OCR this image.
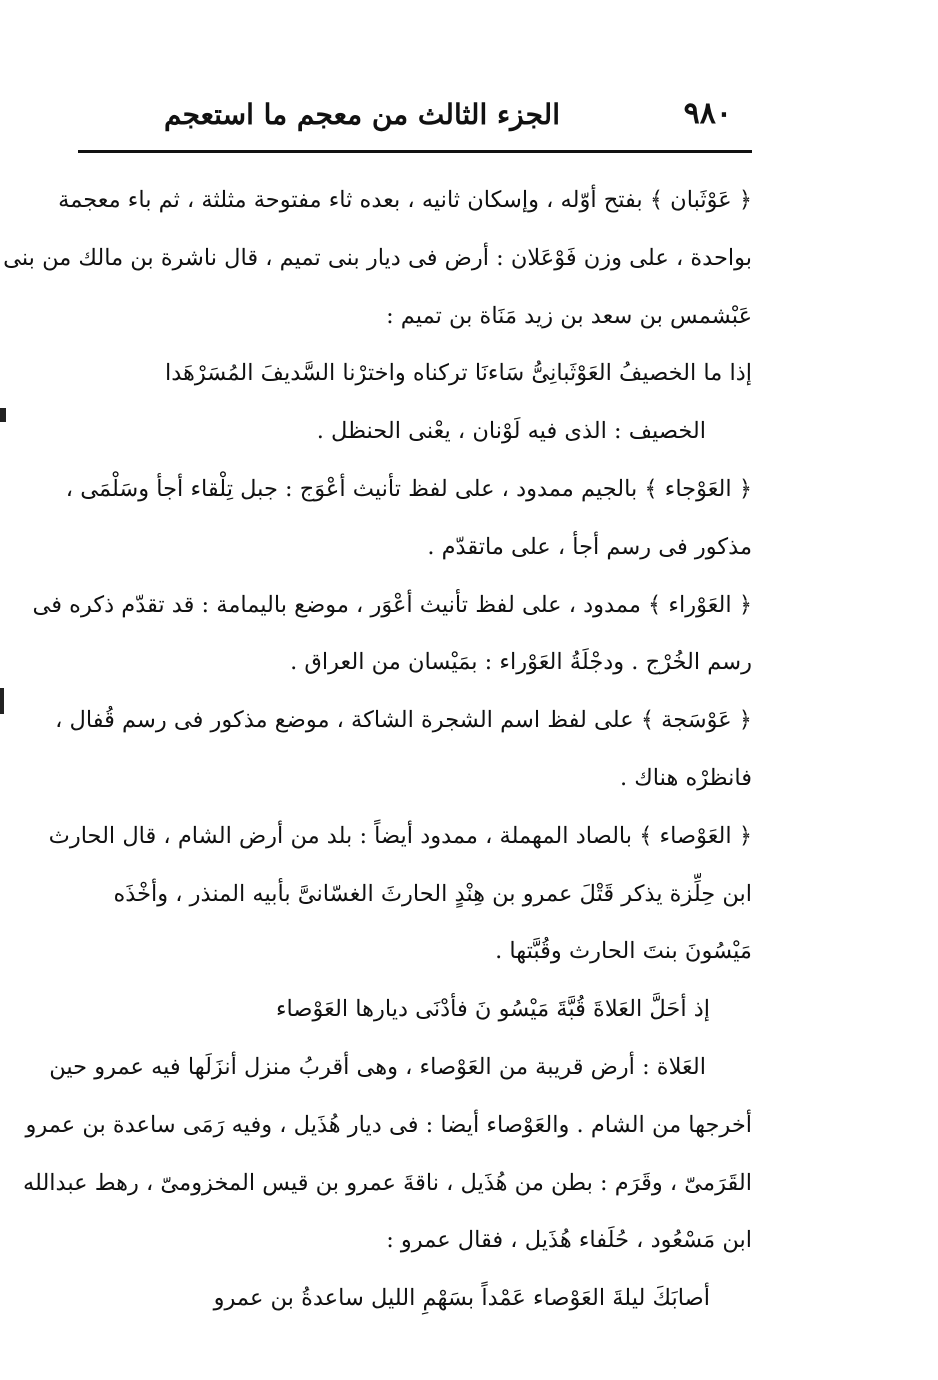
٩٨٠
الجزء الثالث من معجم ما استعجم
﴿ عَوْثَبان ﴾ بفتح أوّله ، وإسكان ثانيه ، بعده ثاء مفتوحة مثلثة ، ثم باء معجمة
بواحدة ، على وزن فَوْعَلان : أرض فى ديار بنى تميم ، قال ناشرة بن مالك من بنى
عَبْشمس بن سعد بن زيد مَنَاة بن تميم :
إذا ما الخصيفُ العَوْثَبانِىُّ سَاءنَا تركناه واخترْنا السَّديفَ المُسَرْهَدا
الخصيف : الذى فيه لَوْنان ، يعْنى الحنظل .
﴿ العَوْجاء ﴾ بالجيم ممدود ، على لفظ تأنيث أعْوَج : جبل تِلْقاء أجأ وسَلْمَى ،
مذكور فى رسم أجأ ، على ماتقدّم .
﴿ العَوْراء ﴾ ممدود ، على لفظ تأنيث أعْوَر ، موضع باليمامة : قد تقدّم ذكره فى
رسم الخُرْج . ودجْلَةُ العَوْراء : بمَيْسان من العراق .
﴿ عَوْسَجة ﴾ على لفظ اسم الشجرة الشاكة ، موضع مذكور فى رسم قُفال ،
فانظرْه هناك .
﴿ العَوْصاء ﴾ بالصاد المهملة ، ممدود أيضاً : بلد من أرض الشام ، قال الحارث
ابن حِلِّزة يذكر قَتْلَ عمرو بن هِنْدٍ الحارثَ الغسّانىَّ بأبيه المنذر ، وأخْذَه
مَيْسُونَ بنتَ الحارث وقُبَّتها .
إذ أحَلَّ العَلاةَ قُبَّةَ مَيْسُو نَ فأدْنَى ديارها العَوْصاء
العَلاة : أرض قريبة من العَوْصاء ، وهى أقربُ منزل أنزَلَها فيه عمرو حين
أخرجها من الشام . والعَوْصاء أيضا : فى ديار هُذَيل ، وفيه رَمَى ساعدة بن عمرو
القَرَمىّ ، وقَرَم : بطن من هُذَيل ، ناقةَ عمرو بن قيس المخزومىّ ، رهط عبدالله
ابن مَسْعُود ، حُلَفاء هُذَيل ، فقال عمرو :
أصابَكَ ليلةَ العَوْصاء عَمْداً بسَهْمِ الليل ساعدةُ بن عمرو
